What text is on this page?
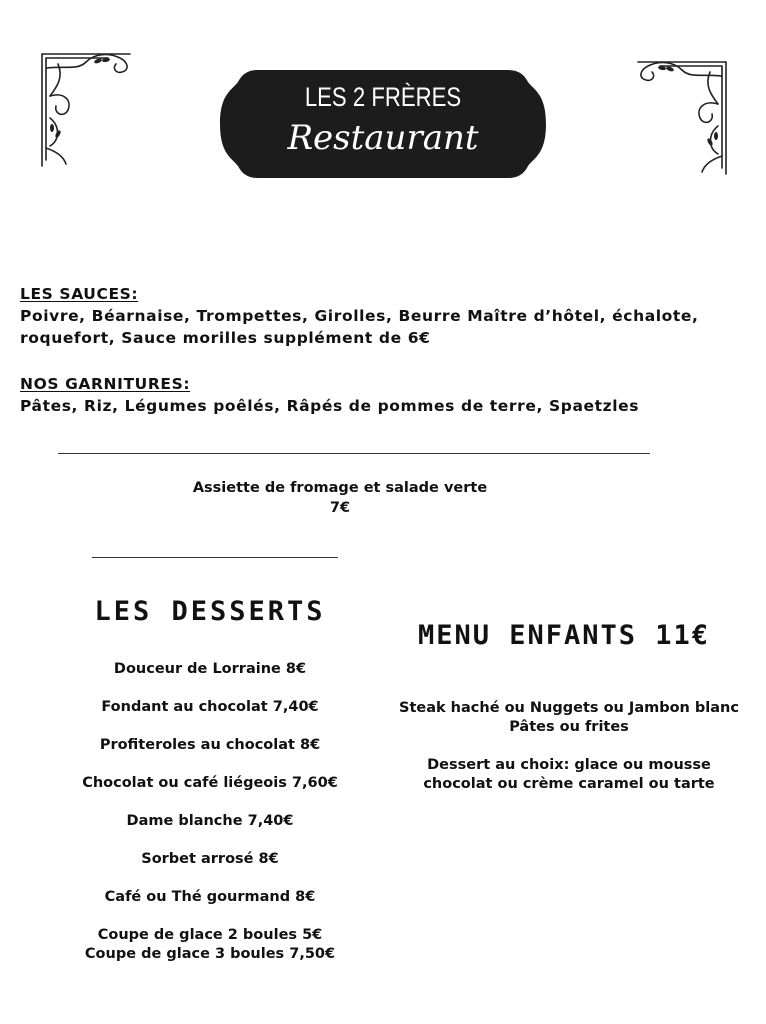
LES 2 FRÈRES
Restaurant
LES SAUCES:
Poivre, Béarnaise, Trompettes, Girolles, Beurre Maître d’hôtel, échalote, roquefort, Sauce morilles supplément de 6€
NOS GARNITURES:
Pâtes, Riz, Légumes poêlés, Râpés de pommes de terre, Spaetzles
Assiette de fromage et salade verte
7€
LES DESSERTS
Douceur de Lorraine 8€
Fondant au chocolat 7,40€
Profiteroles au chocolat 8€
Chocolat ou café liégeois 7,60€
Dame blanche 7,40€
Sorbet arrosé 8€
Café ou Thé gourmand 8€
Coupe de glace 2 boules 5€
Coupe de glace 3 boules 7,50€
MENU ENFANTS 11€
Steak haché ou Nuggets ou Jambon blanc
Pâtes ou frites
Dessert au choix: glace ou mousse
chocolat ou crème caramel ou tarte
